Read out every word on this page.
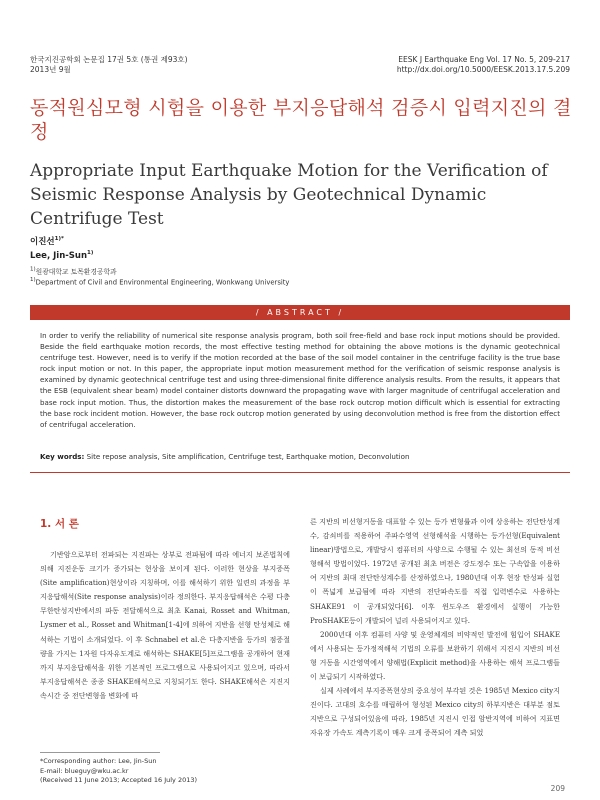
한국지진공학회 논문집 17권 5호 (통권 제93호)
2013년 9월
EESK J Earthquake Eng Vol. 17 No. 5, 209-217
http://dx.doi.org/10.5000/EESK.2013.17.5.209
동적원심모형 시험을 이용한 부지응답해석 검증시 입력지진의 결정
Appropriate Input Earthquake Motion for the Verification of Seismic Response Analysis by Geotechnical Dynamic Centrifuge Test
이진선$^{1)*}$
Lee, Jin-Sun$^{1)}$
$^{1)}$원광대학교 토목환경공학과
$^{1)}$Department of Civil and Environmental Engineering, Wonkwang University
/ ABSTRACT /
In order to verify the reliability of numerical site response analysis program, both soil free-field and base rock input motions should be provided. Beside the field earthquake motion records, the most effective testing method for obtaining the above motions is the dynamic geotechnical centrifuge test. However, need is to verify if the motion recorded at the base of the soil model container in the centrifuge facility is the true base rock input motion or not. In this paper, the appropriate input motion measurement method for the verification of seismic response analysis is examined by dynamic geotechnical centrifuge test and using three-dimensional finite difference analysis results. From the results, it appears that the ESB (equivalent shear beam) model container distorts downward the propagating wave with larger magnitude of centrifugal acceleration and base rock input motion. Thus, the distortion makes the measurement of the base rock outcrop motion difficult which is essential for extracting the base rock incident motion. However, the base rock outcrop motion generated by using deconvolution method is free from the distortion effect of centrifugal acceleration.
Key words: Site repose analysis, Site amplification, Centrifuge test, Earthquake motion, Deconvolution
1. 서 론

기반암으로부터 전파되는 지진파는 상부로 전파됨에 따라 에너지 보존법칙에 의해 지진운동 크기가 증가되는 현상을 보이게 된다. 이러한 현상을 부지증폭(Site amplification)현상이라 지칭하며, 이를 해석하기 위한 일련의 과정을 부지응답해석(Site response analysis)이라 정의한다. 부지응답해석은 수평 다층 무한탄성지반에서의 파동 전달해석으로 최초 Kanai, Rosset and Whitman, Lysmer et al., Rosset and Whitman[1-4]에 의하여 지반을 선형 탄성체로 해석하는 기법이 소개되었다. 이 후 Schnabel et al.은 다층지반을 등가의 점증절량을 가지는 1자원 다자유도계로 해석하는 SHAKE[5]프로그램을 공개하여 현재까지 부지응답해석을 위한 기본적인 프로그램으로 사용되어지고 있으며, 따라서 부지응답해석은 종종 SHAKE해석으로 지칭되기도 한다. SHAKE해석은 지진지속시간 중 전단변형을 변화에 따

른 지반의 비선형거동을 대표할 수 있는 등가 변형률과 이에 상응하는 전단탄성계수, 감쇠비를 적용하여 주파수영역 선형해석을 시행하는 등가선형(Equivalent linear)방법으로, 개발당시 컴퓨터의 사양으로 수행될 수 있는 최선의 동적 비선형해석 방법이었다. 1972년 공개된 최초 버전은 강도정수 또는 구속압을 이용하여 지반의 최대 전단탄성계수를 산정하였으나, 1980년대 이후 현장 탄성파 실험이 폭넓게 보급됨에 따라 지반의 전단파속도를 직접 입력변수로 사용하는 SHAKE91 이 공개되었다[6]. 이후 윈도우즈 환경에서 실행이 가능한 ProSHAKE등이 개발되어 널리 사용되어지고 있다.

2000년대 이후 컴퓨터 사양 및 운영체계의 비약적인 발전에 힘입어 SHAKE에서 사용되는 등가정적해석 기법의 오류를 보완하기 위해서 지진시 지반의 비선형 거동을 시간영역에서 양해법(Explicit method)을 사용하는 해석 프로그램들이 보급되기 시작하였다.

실제 사례에서 부지증폭현상의 중요성이 부각된 것은 1985년 Mexico city지진이다. 고대의 호수를 매립하여 형성된 Mexico city의 하부지반은 대부분 점토지반으로 구성되어있음에 따라, 1985년 지진시 인접 암반지역에 비하여 지표면 자유장 가속도 계측기록이 매우 크게 증폭되어 계측 되었

*Corresponding author: Lee, Jin-Sun
E-mail: blueguy@wku.ac.kr
(Received 11 June 2013; Accepted 16 July 2013)
209
